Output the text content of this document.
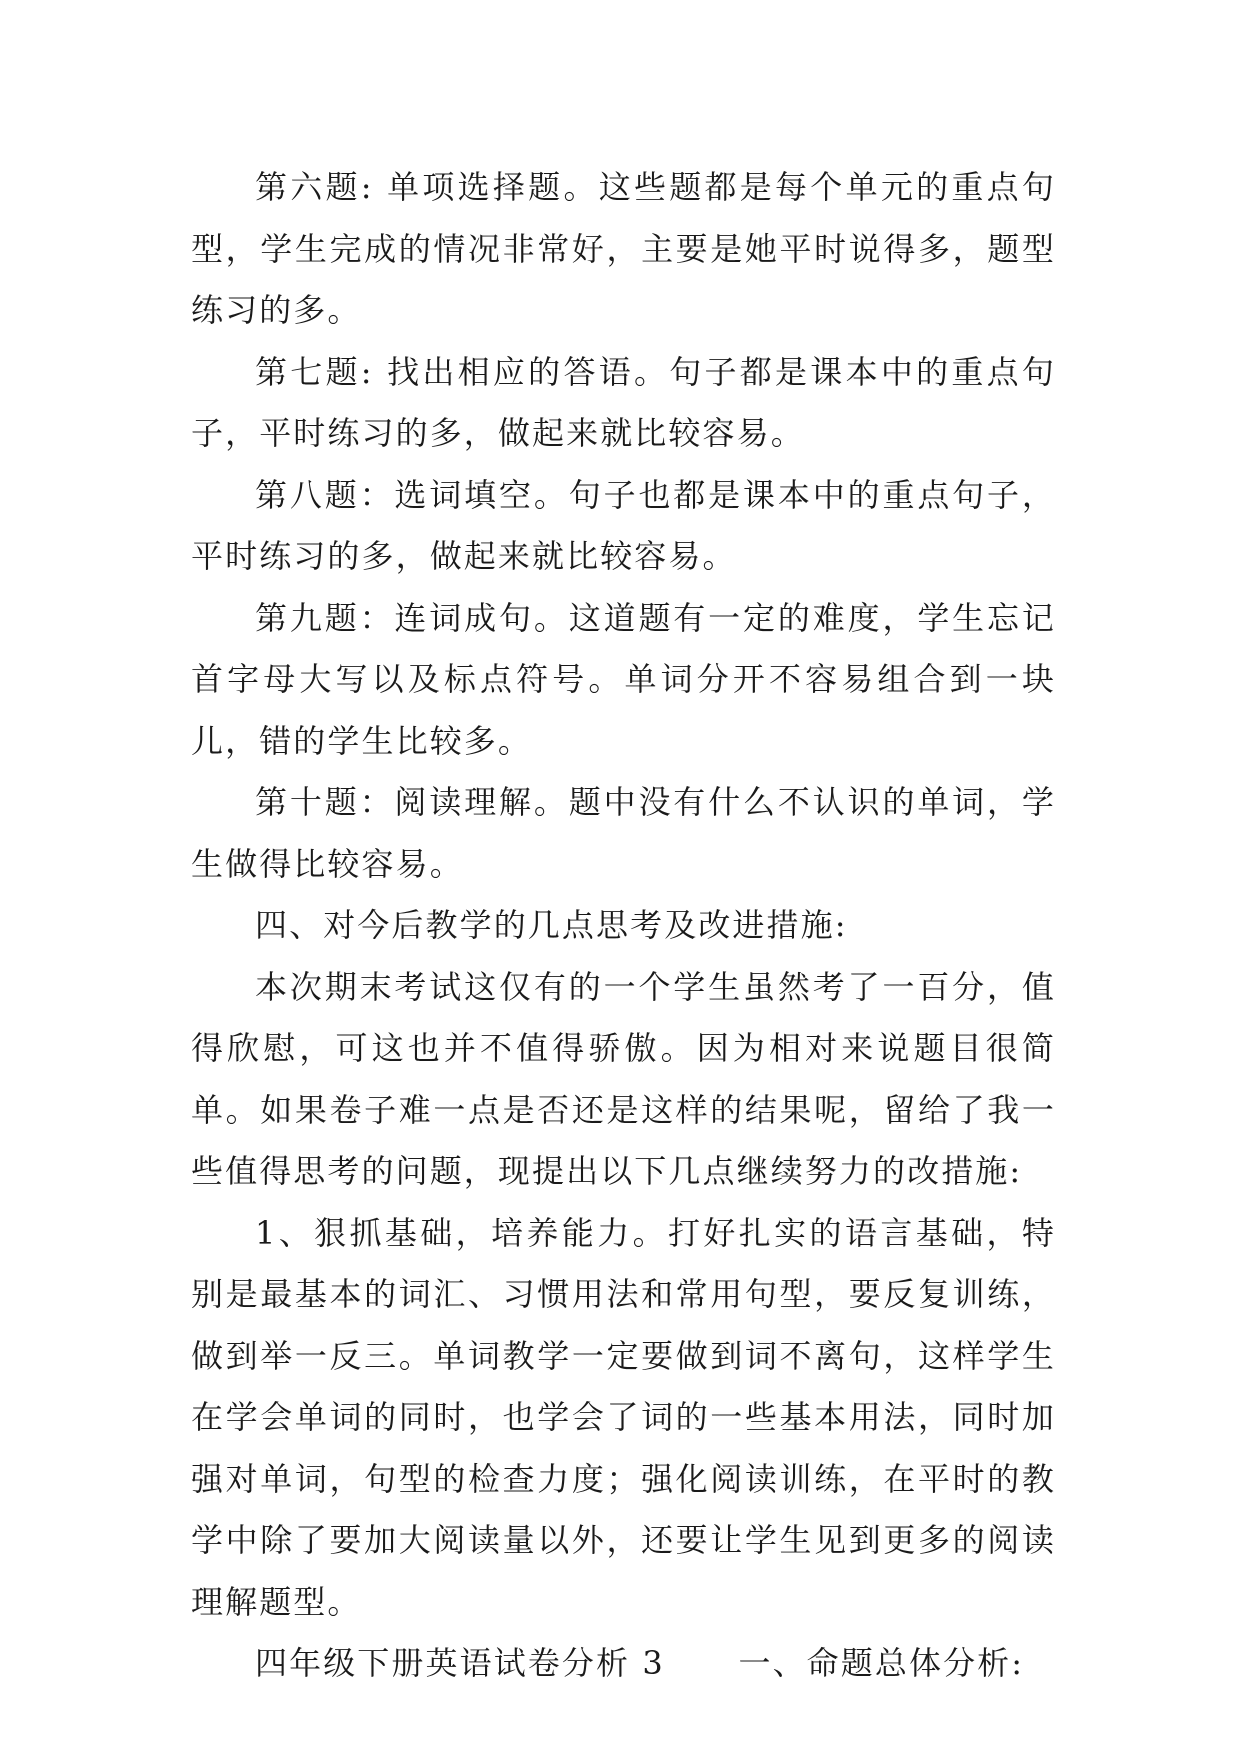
第六题: 单项选择题。这些题都是每个单元的重点句型，学生完成的情况非常好，主要是她平时说得多，题型练习的多。

第七题: 找出相应的答语。句子都是课本中的重点句子，平时练习的多，做起来就比较容易。

第八题：选词填空。句子也都是课本中的重点句子，平时练习的多，做起来就比较容易。

第九题：连词成句。这道题有一定的难度，学生忘记首字母大写以及标点符号。单词分开不容易组合到一块儿，错的学生比较多。

第十题：阅读理解。题中没有什么不认识的单词，学生做得比较容易。

四、对今后教学的几点思考及改进措施:

本次期末考试这仅有的一个学生虽然考了一百分，值得欣慰，可这也并不值得骄傲。因为相对来说题目很简单。如果卷子难一点是否还是这样的结果呢，留给了我一些值得思考的问题，现提出以下几点继续努力的改措施:

1、狠抓基础，培养能力。打好扎实的语言基础，特别是最基本的词汇、习惯用法和常用句型，要反复训练，做到举一反三。单词教学一定要做到词不离句，这样学生在学会单词的同时，也学会了词的一些基本用法，同时加强对单词，句型的检查力度；强化阅读训练，在平时的教学中除了要加大阅读量以外，还要让学生见到更多的阅读理解题型。

四年级下册英语试卷分析 3 一、命题总体分析:
